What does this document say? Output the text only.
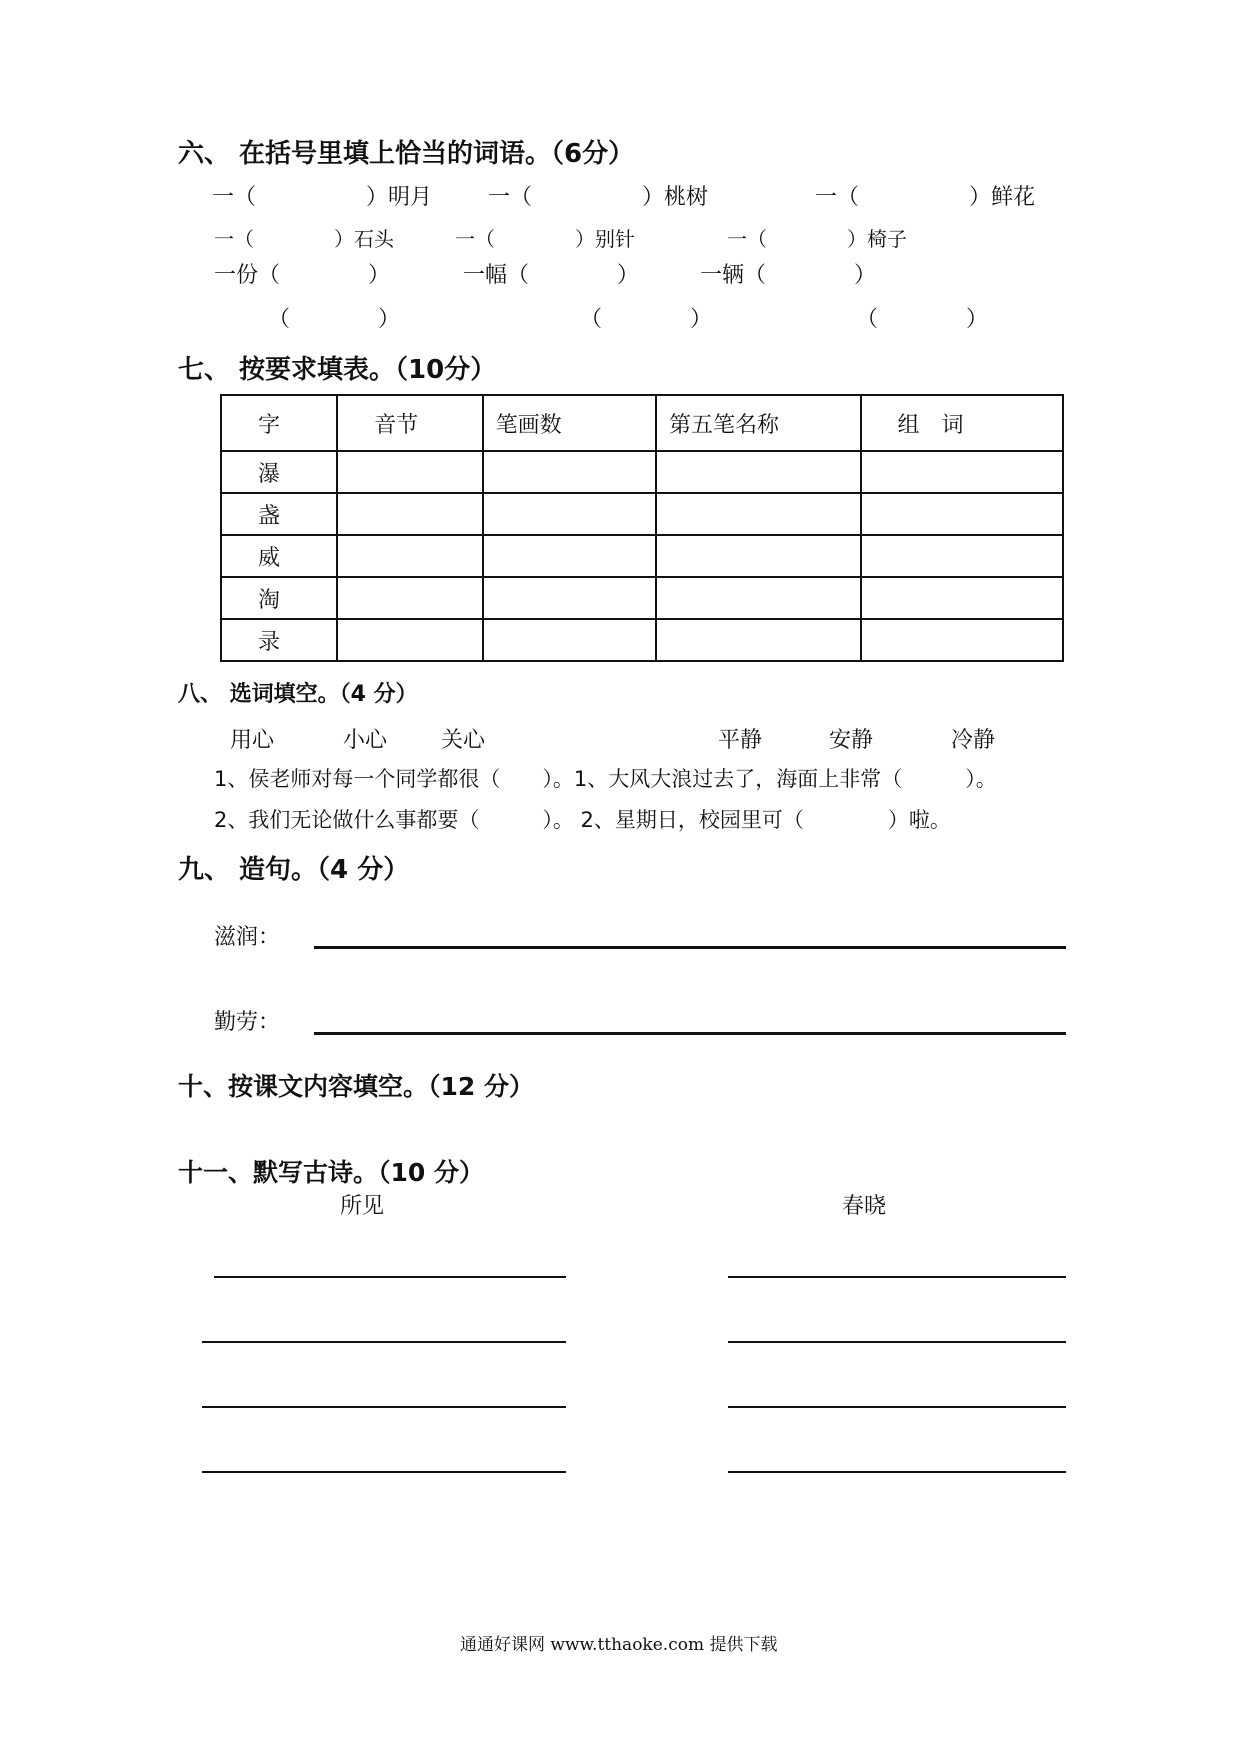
六、 在括号里填上恰当的词语。（6分）
一（　　　　　）明月	一（　　　　　）桃树	一（　　　　　）鲜花
一（　　　　）石头	一（　　　　）别针	一（　　　　）椅子
一份（　　　　）	一幅（　　　　）	一辆（　　　　）
（　　　　）	（　　　　）	（　　　　）
七、 按要求填表。（10分）
字	音节	笔画数	第五笔名称	组　词
瀑				
盏				
威				
淘				
录				
八、 选词填空。（4 分）
用心	小心 关心	平静	安静	冷静
1、侯老师对每一个同学都很（　　）。1、大风大浪过去了，海面上非常（　　　）。
2、我们无论做什么事都要（　　　）。 2、星期日，校园里可（　　　　）啦。
九、 造句。（4 分）
滋润：
勤劳：
十、按课文内容填空。（12 分）
十一、默写古诗。（10 分）
所见	春晓
通通好课网 www.tthaoke.com 提供下载
